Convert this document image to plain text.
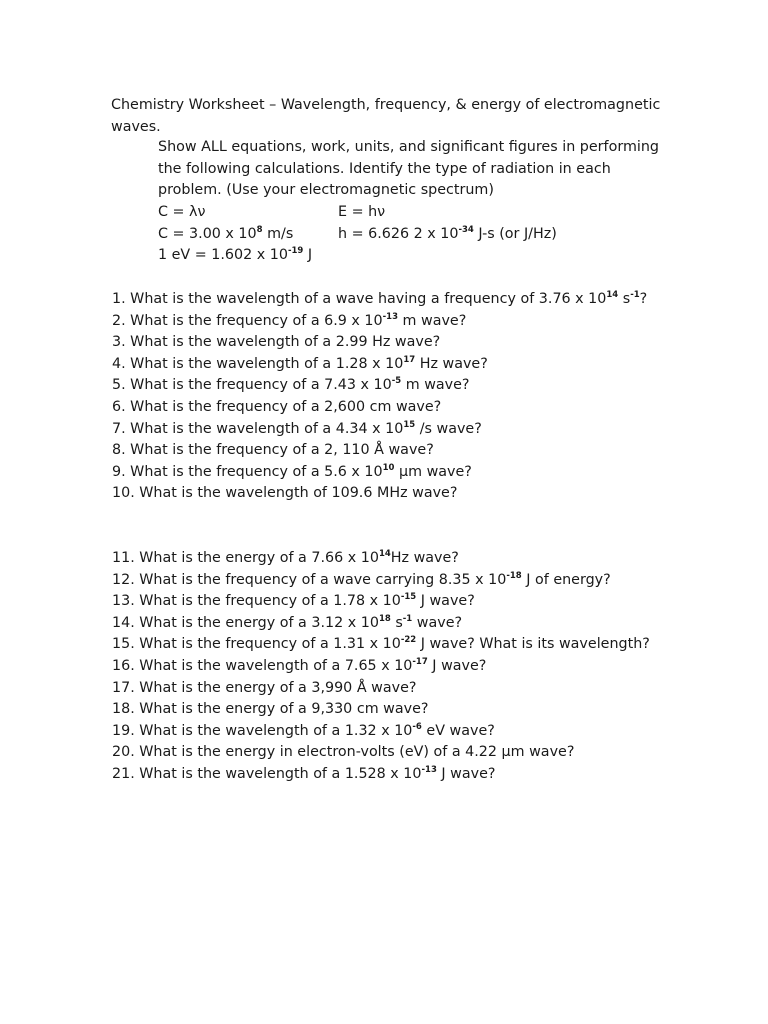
Chemistry Worksheet – Wavelength, frequency, & energy of electromagnetic waves.
Show ALL equations, work, units, and significant figures in performing the following calculations. Identify the type of radiation in each problem. (Use your electromagnetic spectrum)
C = λν	E = hν
C = 3.00 x $10^8$ m/s	h = 6.626 2 x $10^{-34}$ J-s (or J/Hz)
1 eV = 1.602 x $10^{-19}$ J
1. What is the wavelength of a wave having a frequency of 3.76 x $10^{14}$ $s^{-1}$?
2. What is the frequency of a 6.9 x $10^{-13}$ m wave?
3. What is the wavelength of a 2.99 Hz wave?
4. What is the wavelength of a 1.28 x $10^{17}$ Hz wave?
5. What is the frequency of a 7.43 x $10^{-5}$ m wave?
6. What is the frequency of a 2,600 cm wave?
7. What is the wavelength of a 4.34 x $10^{15}$ /s wave?
8. What is the frequency of a 2, 110 Å wave?
9. What is the frequency of a 5.6 x $10^{10}$ μm wave?
10. What is the wavelength of 109.6 MHz wave?
11. What is the energy of a 7.66 x $10^{14}Hz$ wave?
12. What is the frequency of a wave carrying 8.35 x $10^{-18}$ J of energy?
13. What is the frequency of a 1.78 x $10^{-15}$ J wave?
14. What is the energy of a 3.12 x $10^{18}$ $s^{-1}$ wave?
15. What is the frequency of a 1.31 x $10^{-22}$ J wave? What is its wavelength?
16. What is the wavelength of a 7.65 x $10^{-17}$ J wave?
17. What is the energy of a 3,990 Å wave?
18. What is the energy of a 9,330 cm wave?
19. What is the wavelength of a 1.32 x $10^{-6}$ eV wave?
20. What is the energy in electron-volts (eV) of a 4.22 μm wave?
21. What is the wavelength of a 1.528 x $10^{-13}$ J wave?
